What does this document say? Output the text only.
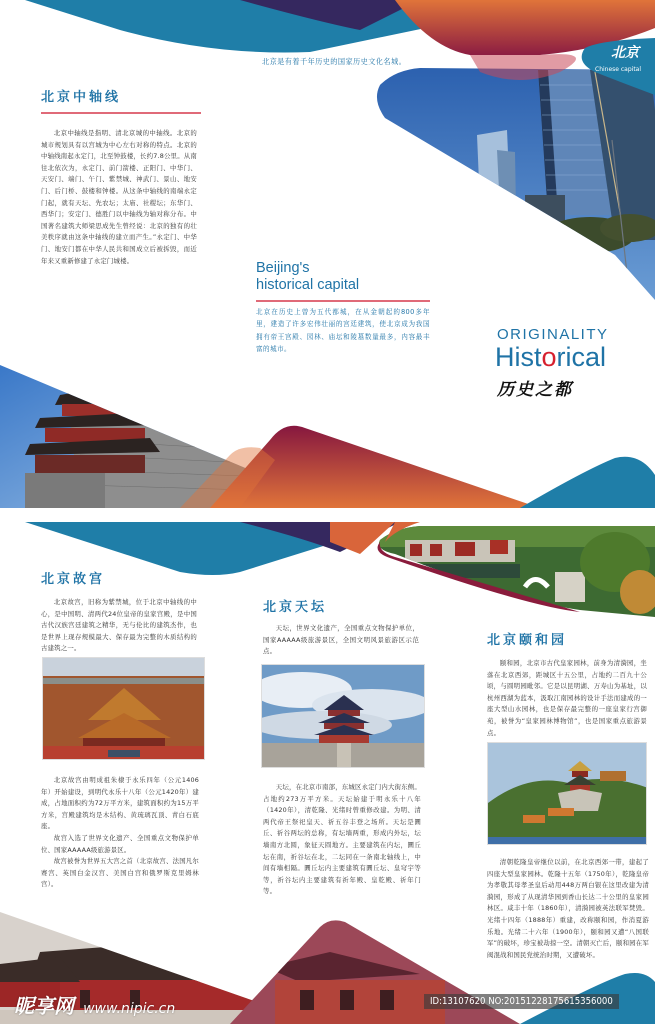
北京是有着千年历史的国家历史文化名城。
北京
Chinese capital
北京中轴线

北京中轴线是指明、清北京城的中轴线。北京的城市规划具有以宫城为中心左右对称的特点。北京的中轴线南起永定门，北至钟鼓楼，长约7.8公里。从南往北依次为，永定门、前门箭楼、正阳门、中华门、天安门、端门、午门、紫禁城、神武门、景山、地安门、后门桥、鼓楼和钟楼。从这条中轴线的南端永定门起，就有天坛、先农坛；太庙、社稷坛；东华门、西华门；安定门、德胜门以中轴线为轴对称分布。中国著名建筑大师梁思成先生曾经说：北京的独有的壮美秩序就由这条中轴线的建立而产生。”永定门、中华门、地安门都在中华人民共和国成立后被拆毁，而近年来又重新修建了永定门城楼。	Beijing's
historical capital
北京在历史上曾为五代都城，在从金朝起的800多年里，建造了许多宏伟壮丽的宫廷建筑，使北京成为我国拥有帝王宫殿、园林、庙坛和陵墓数量最多，内容最丰富的城市。
ORIGINALITY
Historical
历史之都
北京故宫

北京故宫，旧称为紫禁城，位于北京中轴线的中心，是中国明、清两代24位皇帝的皇家宫殿，是中国古代汉族宫廷建筑之精华，无与伦比的建筑杰作，也是世界上现存规模最大、保存最为完整的木质结构的古建筑之一。

北京故宫由明成祖朱棣于永乐四年（公元1406年）开始建设，到明代永乐十八年（公元1420年）建成，占地面积约为72万平方米，建筑面积约为15万平方米，宫殿建筑均是木结构、黄琉璃瓦顶、青白石底座。

故宫入选了世界文化遗产、全国重点文物保护单位、国家AAAAA级旅游景区。

故宫被誉为世界五大宫之首（北京故宫、法国凡尔赛宫、英国白金汉宫、美国白宫和俄罗斯克里姆林宫）。

北京天坛

天坛，世界文化遗产，全国重点文物保护单位，国家AAAAA级旅游景区，全国文明风景旅游区示范点。

天坛，在北京市南部，东城区永定门内大街东侧。占地约273万平方米。天坛始建于明永乐十八年（1420年），清乾隆、光绪时曾重修改建。为明、清两代帝王祭祀皇天、祈五谷丰登之场所。天坛是圜丘、祈谷两坛的总称，有坛墙两重，形成内外坛，坛墙南方北圆，象征天圆地方。主要建筑在内坛，圜丘坛在南，祈谷坛在北，二坛同在一条南北轴线上，中间有墙相隔。圜丘坛内主要建筑有圜丘坛、皇穹宇等等，祈谷坛内主要建筑有祈年殿、皇乾殿、祈年门等。

北京颐和园

颐和园，北京市古代皇家园林，前身为清漪园，坐落在北京西郊，距城区十五公里，占地约二百九十公顷，与圆明园毗邻。它是以昆明湖、万寿山为基址，以杭州西湖为蓝本，汲取江南园林的设计手法而建成的一座大型山水园林，也是保存最完整的一座皇家行宫御苑，被誉为“皇家园林博物馆”，也是国家重点旅游景点。

清朝乾隆皇帝继位以前，在北京西郊一带，建起了四座大型皇家园林。乾隆十五年（1750年），乾隆皇帝为孝敬其母孝圣皇后动用448万两白银在这里改建为清漪园，形成了从现清华园到香山长达二十公里的皇家园林区。咸丰十年（1860年），清漪园被英法联军焚毁。光绪十四年（1888年）重建，改称颐和园，作消夏游乐地。光绪二十六年（1900年），颐和园又遭“八国联军”的破坏，珍宝被劫掠一空。清朝灭亡后，颐和园在军阀混战和国民党统治时期，又遭破坏。

昵享网 www.nipic.cn	ID:13107620 NO:20151228175615356000
